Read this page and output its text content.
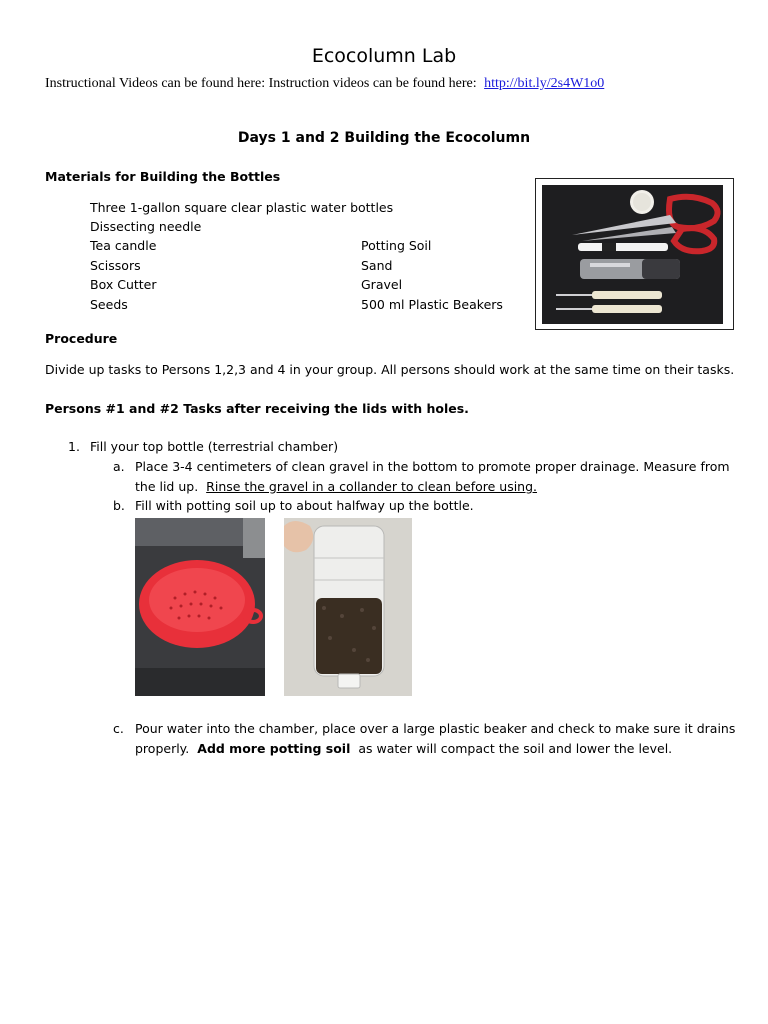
Ecocolumn Lab
Instructional Videos can be found here: Instruction videos can be found here: http://bit.ly/2s4W1o0
Days 1 and 2 Building the Ecocolumn
Materials for Building the Bottles
Three 1-gallon square clear plastic water bottles
Dissecting needle
Tea candle
Scissors
Box Cutter
Seeds
Potting Soil
Sand
Gravel
500 ml Plastic Beakers
Procedure
Divide up tasks to Persons 1,2,3 and 4 in your group. All persons should work at the same time on their tasks.
Persons #1 and #2 Tasks after receiving the lids with holes.
1. Fill your top bottle (terrestrial chamber)
a. Place 3-4 centimeters of clean gravel in the bottom to promote proper drainage. Measure from
the lid up. Rinse the gravel in a collander to clean before using.
b. Fill with potting soil up to about halfway up the bottle.
c. Pour water into the chamber, place over a large plastic beaker and check to make sure it drains
properly. Add more potting soil as water will compact the soil and lower the level.
